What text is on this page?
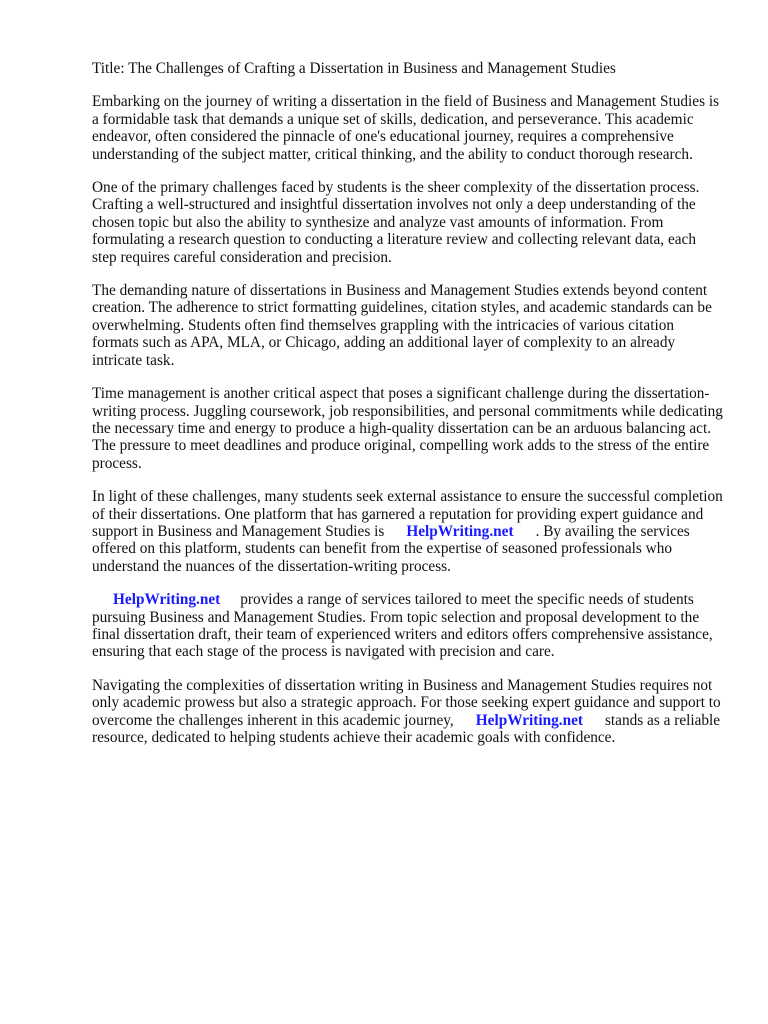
Title: The Challenges of Crafting a Dissertation in Business and Management Studies

Embarking on the journey of writing a dissertation in the field of Business and Management Studies is a formidable task that demands a unique set of skills, dedication, and perseverance. This academic endeavor, often considered the pinnacle of one's educational journey, requires a comprehensive understanding of the subject matter, critical thinking, and the ability to conduct thorough research.

One of the primary challenges faced by students is the sheer complexity of the dissertation process. Crafting a well-structured and insightful dissertation involves not only a deep understanding of the chosen topic but also the ability to synthesize and analyze vast amounts of information. From formulating a research question to conducting a literature review and collecting relevant data, each step requires careful consideration and precision.

The demanding nature of dissertations in Business and Management Studies extends beyond content creation. The adherence to strict formatting guidelines, citation styles, and academic standards can be overwhelming. Students often find themselves grappling with the intricacies of various citation formats such as APA, MLA, or Chicago, adding an additional layer of complexity to an already intricate task.

Time management is another critical aspect that poses a significant challenge during the dissertation-writing process. Juggling coursework, job responsibilities, and personal commitments while dedicating the necessary time and energy to produce a high-quality dissertation can be an arduous balancing act. The pressure to meet deadlines and produce original, compelling work adds to the stress of the entire process.

In light of these challenges, many students seek external assistance to ensure the successful completion of their dissertations. One platform that has garnered a reputation for providing expert guidance and support in Business and Management Studies is HelpWriting.net . By availing the services offered on this platform, students can benefit from the expertise of seasoned professionals who understand the nuances of the dissertation-writing process.

HelpWriting.net provides a range of services tailored to meet the specific needs of students pursuing Business and Management Studies. From topic selection and proposal development to the final dissertation draft, their team of experienced writers and editors offers comprehensive assistance, ensuring that each stage of the process is navigated with precision and care.

Navigating the complexities of dissertation writing in Business and Management Studies requires not only academic prowess but also a strategic approach. For those seeking expert guidance and support to overcome the challenges inherent in this academic journey, HelpWriting.net stands as a reliable resource, dedicated to helping students achieve their academic goals with confidence.
